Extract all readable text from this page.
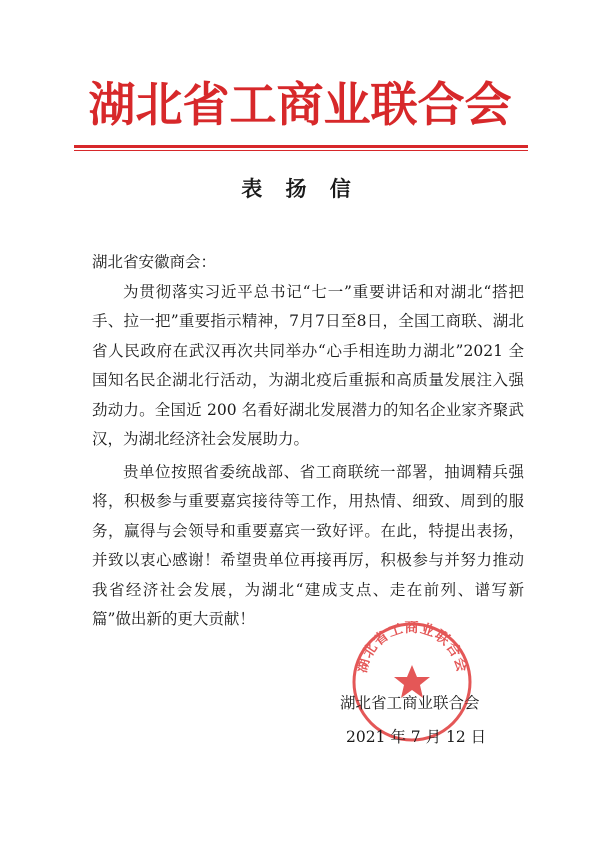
湖北省工商业联合会
表 扬 信
湖北省安徽商会：
为贯彻落实习近平总书记“七一”重要讲话和对湖北“搭把手、拉一把”重要指示精神，7月7日至8日，全国工商联、湖北省人民政府在武汉再次共同举办“心手相连助力湖北”2021 全国知名民企湖北行活动，为湖北疫后重振和高质量发展注入强劲动力。全国近 200 名看好湖北发展潜力的知名企业家齐聚武汉，为湖北经济社会发展助力。
贵单位按照省委统战部、省工商联统一部署，抽调精兵强将，积极参与重要嘉宾接待等工作，用热情、细致、周到的服务，赢得与会领导和重要嘉宾一致好评。在此，特提出表扬，并致以衷心感谢！希望贵单位再接再厉，积极参与并努力推动我省经济社会发展，为湖北“建成支点、走在前列、谱写新篇”做出新的更大贡献！
湖北省工商业联合会
湖北省工商业联合会
2021 年 7 月 12 日
